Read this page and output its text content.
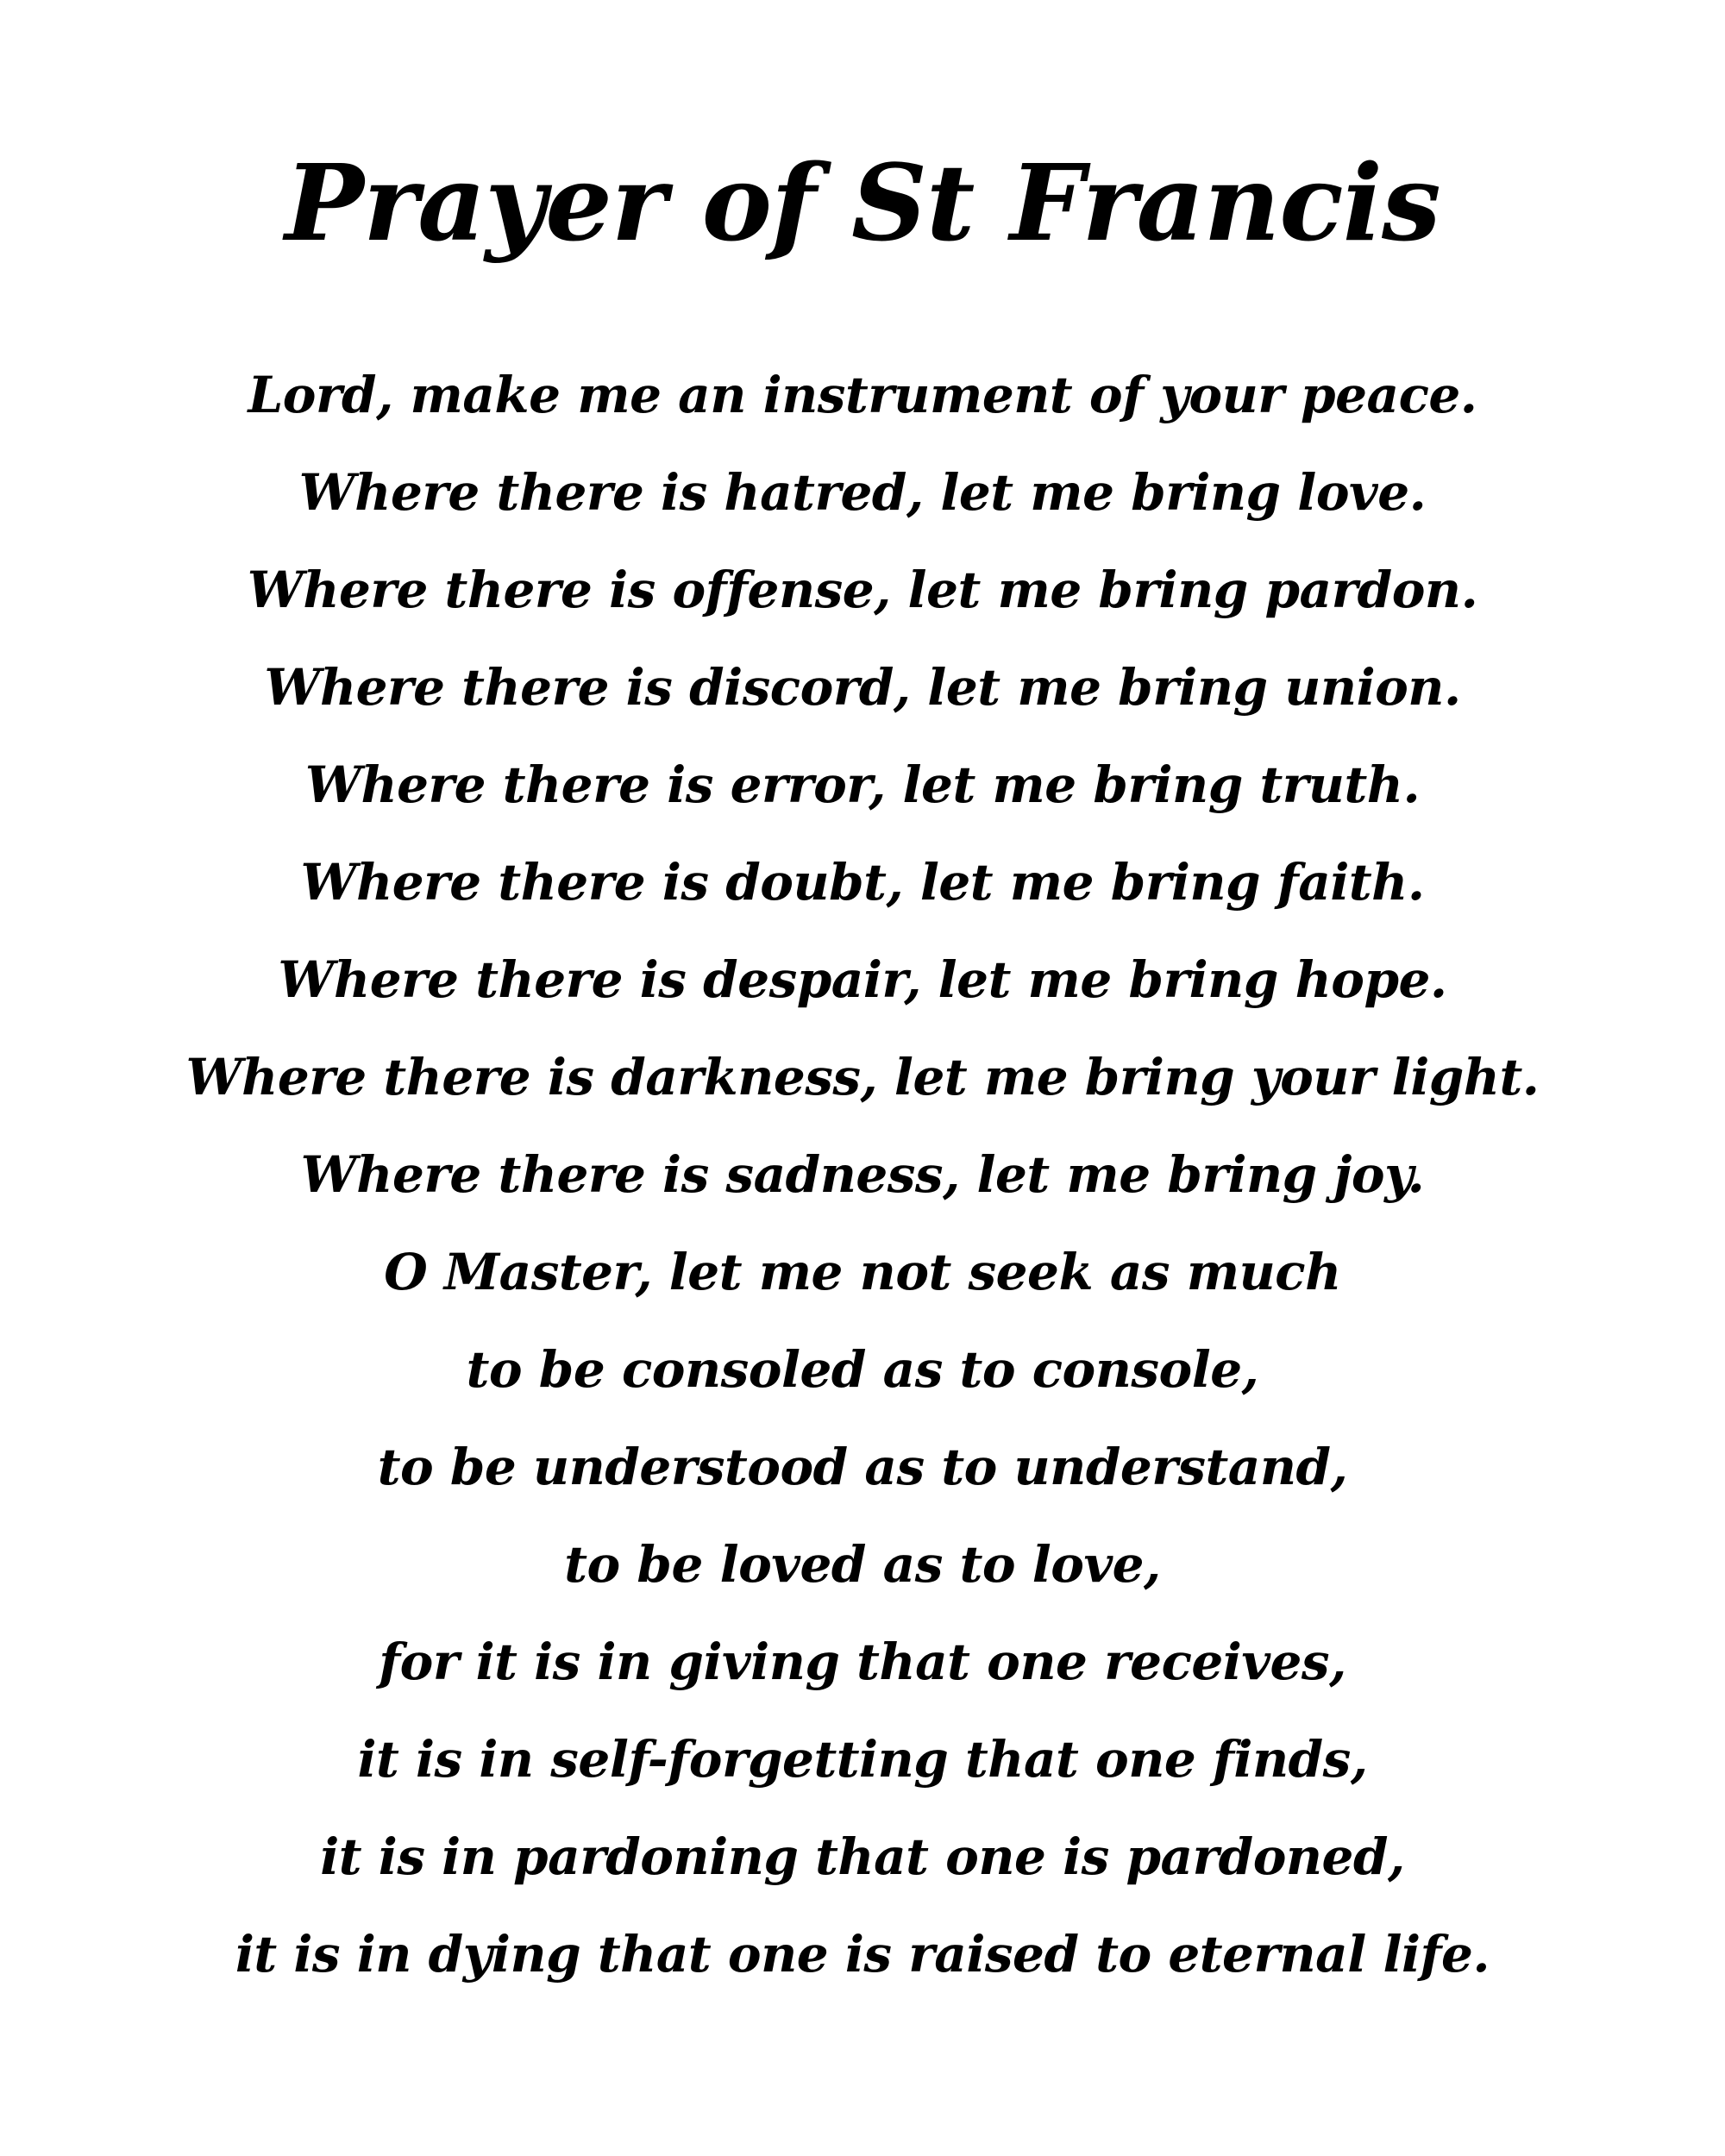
Prayer of St Francis
Lord, make me an instrument of your peace.
Where there is hatred, let me bring love.
Where there is offense, let me bring pardon.
Where there is discord, let me bring union.
Where there is error, let me bring truth.
Where there is doubt, let me bring faith.
Where there is despair, let me bring hope.
Where there is darkness, let me bring your light.
Where there is sadness, let me bring joy.
O Master, let me not seek as much
to be consoled as to console,
to be understood as to understand,
to be loved as to love,
for it is in giving that one receives,
it is in self-forgetting that one finds,
it is in pardoning that one is pardoned,
it is in dying that one is raised to eternal life.
